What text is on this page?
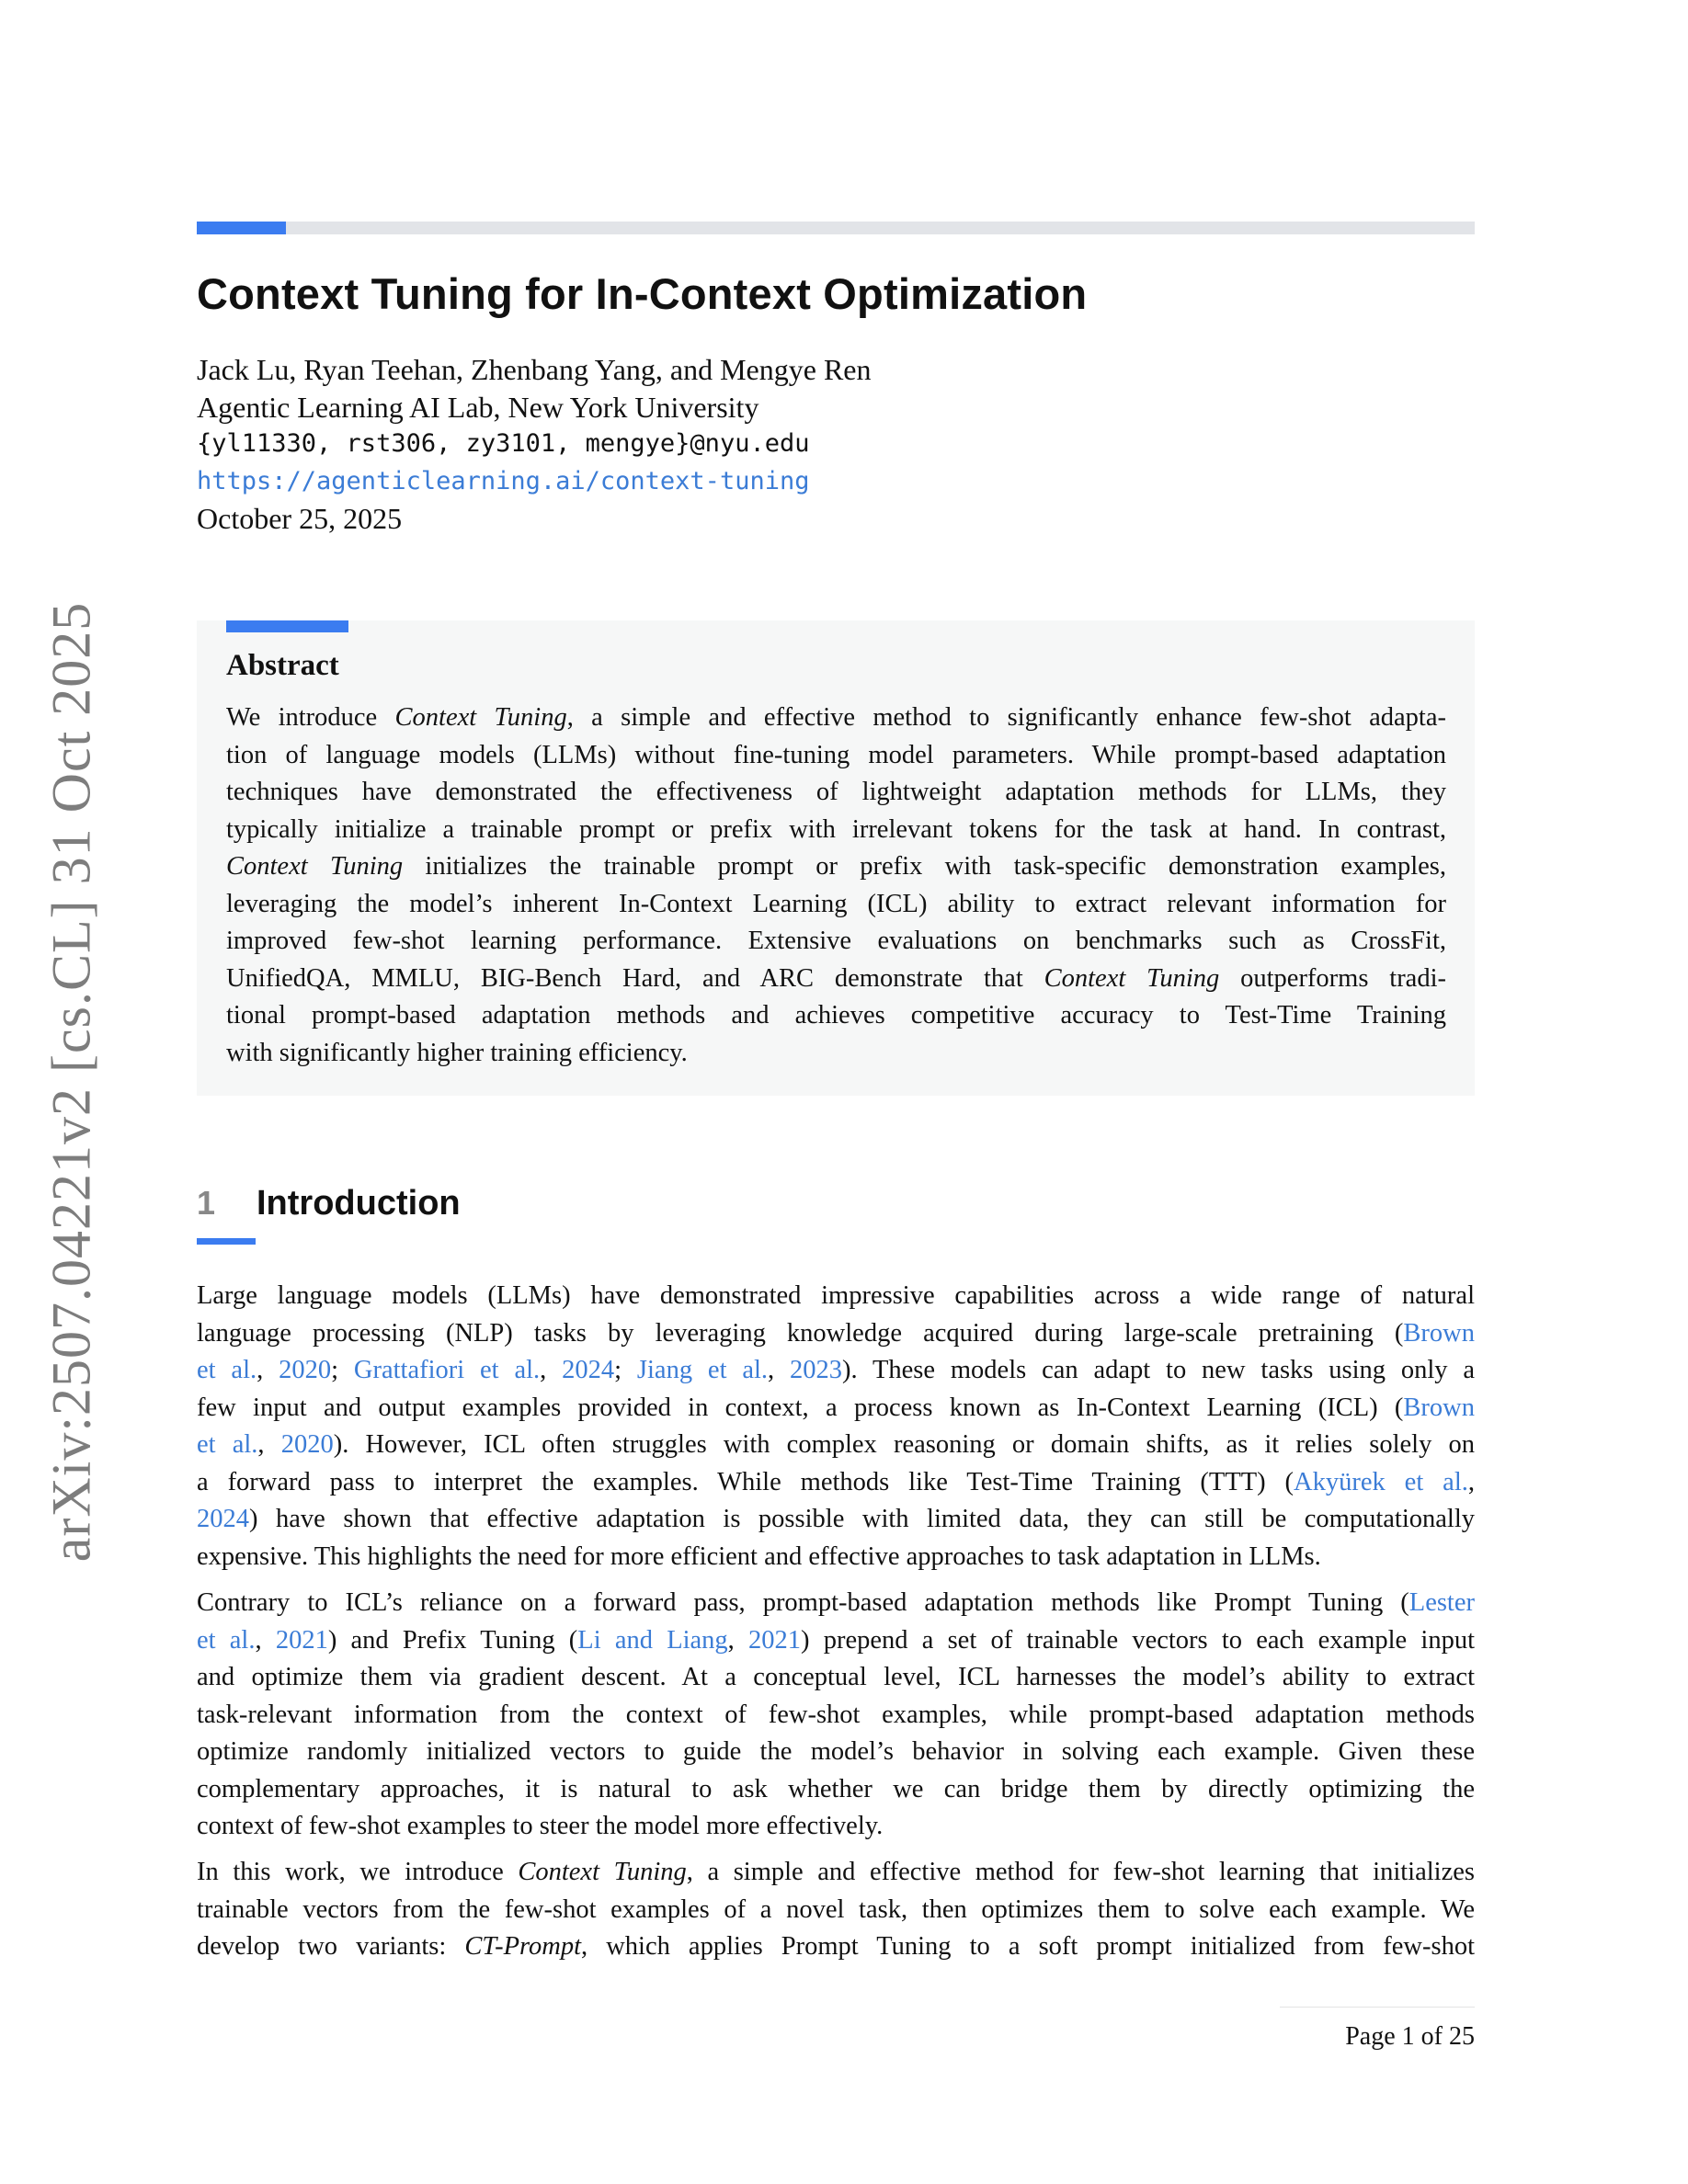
arXiv:2507.04221v2 [cs.CL] 31 Oct 2025
Context Tuning for In-Context Optimization
Jack Lu, Ryan Teehan, Zhenbang Yang, and Mengye Ren
Agentic Learning AI Lab, New York University
{yl11330, rst306, zy3101, mengye}@nyu.edu
https://agenticlearning.ai/context-tuning
October 25, 2025
Abstract
We introduce Context Tuning, a simple and effective method to significantly enhance few-shot adapta-
tion of language models (LLMs) without fine-tuning model parameters. While prompt-based adaptation
techniques have demonstrated the effectiveness of lightweight adaptation methods for LLMs, they
typically initialize a trainable prompt or prefix with irrelevant tokens for the task at hand. In contrast,
Context Tuning initializes the trainable prompt or prefix with task-specific demonstration examples,
leveraging the model’s inherent In-Context Learning (ICL) ability to extract relevant information for
improved few-shot learning performance. Extensive evaluations on benchmarks such as CrossFit,
UnifiedQA, MMLU, BIG-Bench Hard, and ARC demonstrate that Context Tuning outperforms tradi-
tional prompt-based adaptation methods and achieves competitive accuracy to Test-Time Training
with significantly higher training efficiency.
1 Introduction
Large language models (LLMs) have demonstrated impressive capabilities across a wide range of natural
language processing (NLP) tasks by leveraging knowledge acquired during large-scale pretraining (Brown
et al., 2020; Grattafiori et al., 2024; Jiang et al., 2023). These models can adapt to new tasks using only a
few input and output examples provided in context, a process known as In-Context Learning (ICL) (Brown
et al., 2020). However, ICL often struggles with complex reasoning or domain shifts, as it relies solely on
a forward pass to interpret the examples. While methods like Test-Time Training (TTT) (Akyürek et al.,
2024) have shown that effective adaptation is possible with limited data, they can still be computationally
expensive. This highlights the need for more efficient and effective approaches to task adaptation in LLMs.
Contrary to ICL’s reliance on a forward pass, prompt-based adaptation methods like Prompt Tuning (Lester
et al., 2021) and Prefix Tuning (Li and Liang, 2021) prepend a set of trainable vectors to each example input
and optimize them via gradient descent. At a conceptual level, ICL harnesses the model’s ability to extract
task-relevant information from the context of few-shot examples, while prompt-based adaptation methods
optimize randomly initialized vectors to guide the model’s behavior in solving each example. Given these
complementary approaches, it is natural to ask whether we can bridge them by directly optimizing the
context of few-shot examples to steer the model more effectively.
In this work, we introduce Context Tuning, a simple and effective method for few-shot learning that initializes
trainable vectors from the few-shot examples of a novel task, then optimizes them to solve each example. We
develop two variants: CT-Prompt, which applies Prompt Tuning to a soft prompt initialized from few-shot
Page 1 of 25
